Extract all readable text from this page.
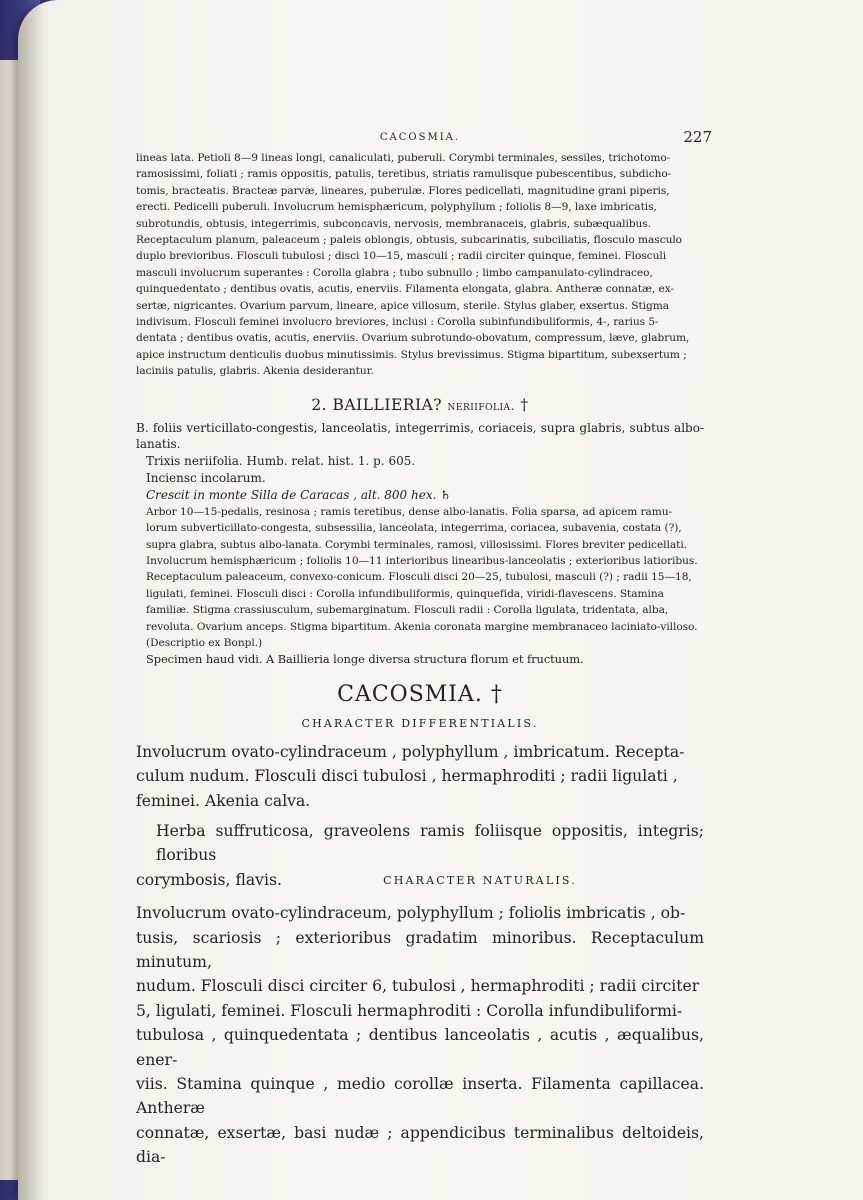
CACOSMIA.	227

lineas lata. Petioli 8—9 lineas longi, canaliculati, puberuli. Corymbi terminales, sessiles, trichotomo-

ramosissimi, foliati ; ramis oppositis, patulis, teretibus, striatis ramulisque pubescentibus, subdicho-

tomis, bracteatis. Bracteæ parvæ, lineares, puberulæ. Flores pedicellati, magnitudine grani piperis,

erecti. Pedicelli puberuli. Involucrum hemisphæricum, polyphyllum ; foliolis 8—9, laxe imbricatis,

subrotundis, obtusis, integerrimis, subconcavis, nervosis, membranaceis, glabris, subæqualibus.

Receptaculum planum, paleaceum ; paleis oblongis, obtusis, subcarinatis, subciliatis, flosculo masculo

duplo brevioribus. Flosculi tubulosi ; disci 10—15, masculi ; radii circiter quinque, feminei. Flosculi

masculi involucrum superantes : Corolla glabra ; tubo subnullo ; limbo campanulato-cylindraceo,

quinquedentato ; dentibus ovatis, acutis, enerviis. Filamenta elongata, glabra. Antheræ connatæ, ex-

sertæ, nigricantes. Ovarium parvum, lineare, apice villosum, sterile. Stylus glaber, exsertus. Stigma

indivisum. Flosculi feminei involucro breviores, inclusi : Corolla subinfundibuliformis, 4-, rarius 5-

dentata ; dentibus ovatis, acutis, enerviis. Ovarium subrotundo-obovatum, compressum, læve, glabrum,

apice instructum denticulis duobus minutissimis. Stylus brevissimus. Stigma bipartitum, subexsertum ;

laciniis patulis, glabris. Akenia desiderantur.

2. BAILLIERIA? neriifolia. †

B. foliis verticillato-congestis, lanceolatis, integerrimis, coriaceis, supra glabris, subtus albo-lanatis.

Trixis neriifolia. Humb. relat. hist. 1. p. 605.

Inciensc incolarum.

Crescit in monte Silla de Caracas , alt. 800 hex. ♄

Arbor 10—15-pedalis, resinosa ; ramis teretibus, dense albo-lanatis. Folia sparsa, ad apicem ramu-

lorum subverticillato-congesta, subsessilia, lanceolata, integerrima, coriacea, subavenia, costata (?),

supra glabra, subtus albo-lanata. Corymbi terminales, ramosi, villosissimi. Flores breviter pedicellati.

Involucrum hemisphæricum ; foliolis 10—11 interioribus linearibus-lanceolatis ; exterioribus latioribus.

Receptaculum paleaceum, convexo-conicum. Flosculi disci 20—25, tubulosi, masculi (?) ; radii 15—18,

ligulati, feminei. Flosculi disci : Corolla infundibuliformis, quinquefida, viridi-flavescens. Stamina

familiæ. Stigma crassiusculum, subemarginatum. Flosculi radii : Corolla ligulata, tridentata, alba,

revoluta. Ovarium anceps. Stigma bipartitum. Akenia coronata margine membranaceo laciniato-villoso.

(Descriptio ex Bonpl.)

Specimen haud vidi. A Baillieria longe diversa structura florum et fructuum.

CACOSMIA. †
CHARACTER DIFFERENTIALIS.

Involucrum ovato-cylindraceum , polyphyllum , imbricatum. Recepta-

culum nudum. Flosculi disci tubulosi , hermaphroditi ; radii ligulati ,

feminei. Akenia calva.

Herba suffruticosa, graveolens ramis foliisque oppositis, integris; floribus

corymbosis, flavis.	CHARACTER NATURALIS.

Involucrum ovato-cylindraceum, polyphyllum ; foliolis imbricatis , ob-

tusis, scariosis ; exterioribus gradatim minoribus. Receptaculum minutum,

nudum. Flosculi disci circiter 6, tubulosi , hermaphroditi ; radii circiter

5, ligulati, feminei. Flosculi hermaphroditi : Corolla infundibuliformi-

tubulosa , quinquedentata ; dentibus lanceolatis , acutis , æqualibus, ener-

viis. Stamina quinque , medio corollæ inserta. Filamenta capillacea. Antheræ

connatæ, exsertæ, basi nudæ ; appendicibus terminalibus deltoideis, dia-
